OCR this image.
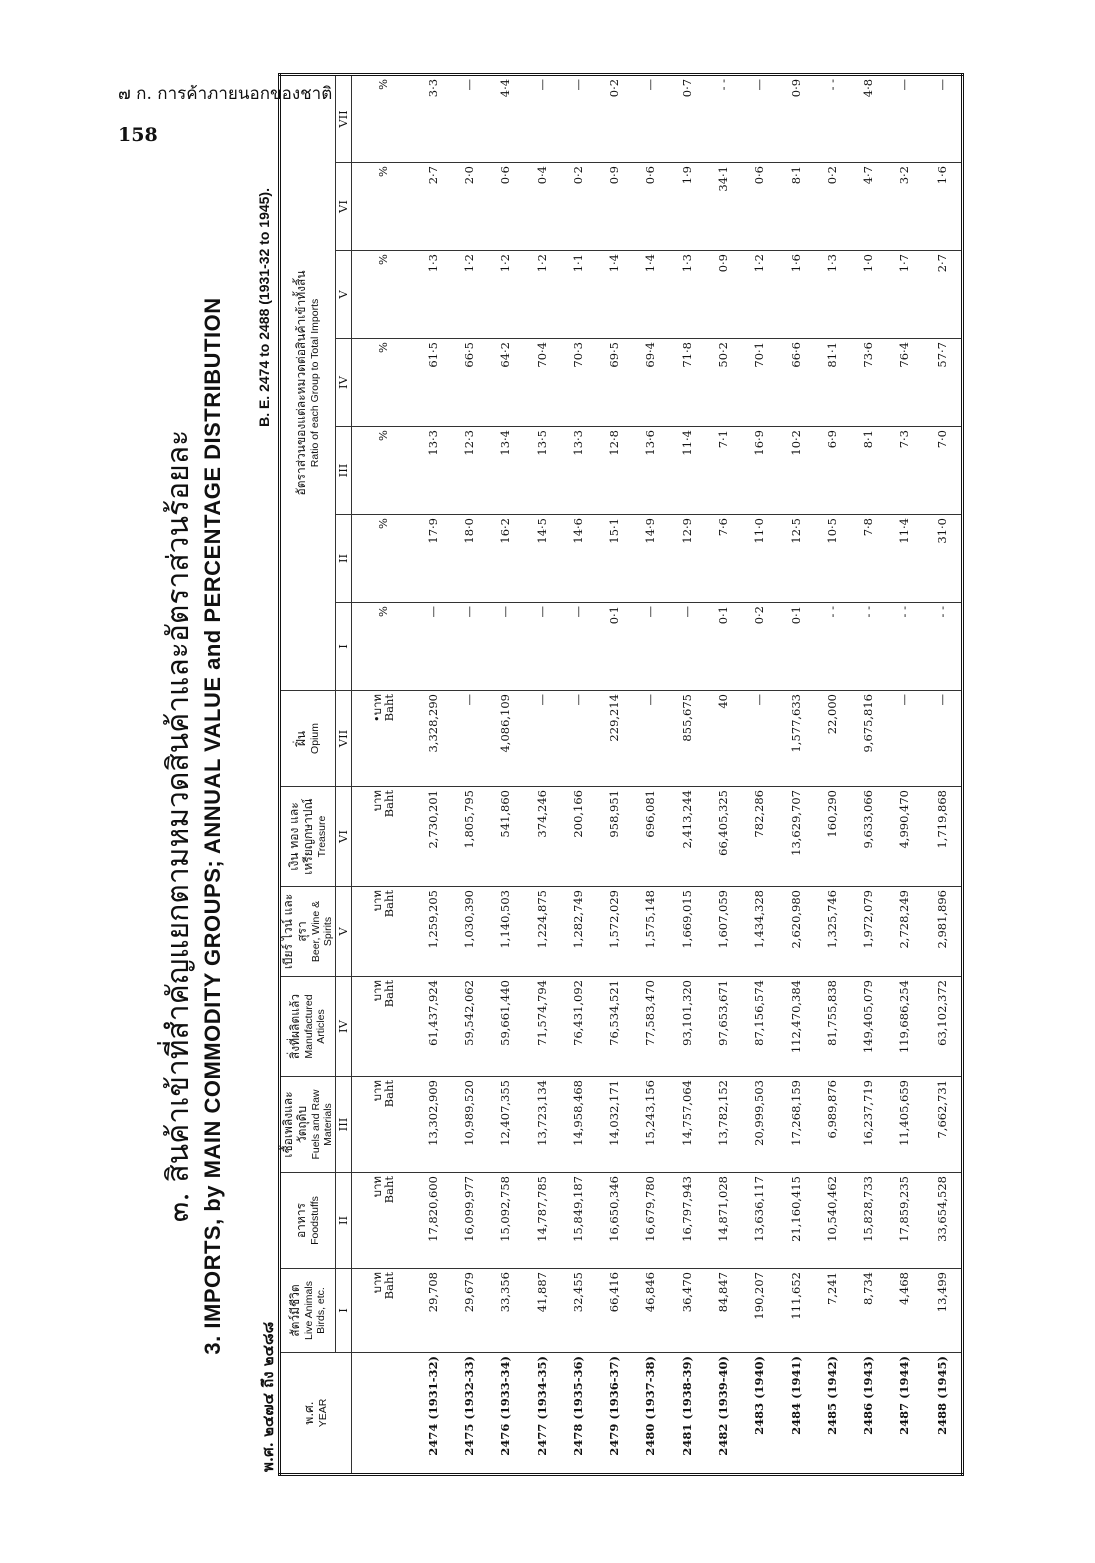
๗ ก. การค้าภายนอกของชาติ
158
๓. สินค้าเข้าที่สำคัญแยกตามหมวดสินค้าและอัตราส่วนร้อยละ 3. IMPORTS, by MAIN COMMODITY GROUPS; ANNUAL VALUE and PERCENTAGE DISTRIBUTION
พ.ศ. ๒๔๗๔ ถึง ๒๔๘๘
B. E. 2474 to 2488 (1931-32 to 1945).
พ.ศ. YEAR	สัตว์มีชีวิต Live Animals Birds, etc.	อาหาร Foodstuffs	เชื้อเพลิงและวัตถุดิบ Fuels and Raw Materials	สิ่งที่ผลิตแล้ว Manufactured Articles	เบียร์ ไวน์ และสุรา Beer, Wine & Spirits	เงิน ทอง และเหรียญกษาปณ์ Treasure	ฝิ่น Opium	อัตราส่วนของแต่ละหมวดต่อสินค้าเข้าทั้งสิ้น Ratio of each Group to Total Imports						

	I	II	III	IV	V	VI	VII	I	II	III	IV	V	VI	VII
	บาท
Baht	บาท
Baht	บาท
Baht	บาท
Baht	บาท
Baht	บาท
Baht	•บาท
Baht	%	%	%	%	%	%	%
2474 (1931-32)	29,708	17,820,600	13,302,909	61,437,924	1,259,205	2,730,201	3,328,290	—	17·9	13·3	61·5	1·3	2·7	3·3
2475 (1932-33)	29,679	16,099,977	10,989,520	59,542,062	1,030,390	1,805,795	—	—	18·0	12·3	66·5	1·2	2·0	—
2476 (1933-34)	33,356	15,092,758	12,407,355	59,661,440	1,140,503	541,860	4,086,109	—	16·2	13·4	64·2	1·2	0·6	4·4
2477 (1934-35)	41,887	14,787,785	13,723,134	71,574,794	1,224,875	374,246	—	—	14·5	13·5	70·4	1·2	0·4	—
2478 (1935-36)	32,455	15,849,187	14,958,468	76,431,092	1,282,749	200,166	—	—	14·6	13·3	70·3	1·1	0·2	—
2479 (1936-37)	66,416	16,650,346	14,032,171	76,534,521	1,572,029	958,951	229,214	0·1	15·1	12·8	69·5	1·4	0·9	0·2
2480 (1937-38)	46,846	16,679,780	15,243,156	77,583,470	1,575,148	696,081	—	—	14·9	13·6	69·4	1·4	0·6	—
2481 (1938-39)	36,470	16,797,943	14,757,064	93,101,320	1,669,015	2,413,244	855,675	—	12·9	11·4	71·8	1·3	1·9	0·7
2482 (1939-40)	84,847	14,871,028	13,782,152	97,653,671	1,607,059	66,405,325	40	0·1	7·6	7·1	50·2	0·9	34·1	- -
2483 (1940)	190,207	13,636,117	20,999,503	87,156,574	1,434,328	782,286	—	0·2	11·0	16·9	70·1	1·2	0·6	—
2484 (1941)	111,652	21,160,415	17,268,159	112,470,384	2,620,980	13,629,707	1,577,633	0·1	12·5	10·2	66·6	1·6	8·1	0·9
2485 (1942)	7,241	10,540,462	6,989,876	81,755,838	1,325,746	160,290	22,000	- -	10·5	6·9	81·1	1·3	0·2	- -
2486 (1943)	8,734	15,828,733	16,237,719	149,405,079	1,972,079	9,633,066	9,675,816	- -	7·8	8·1	73·6	1·0	4·7	4·8
2487 (1944)	4,468	17,859,235	11,405,659	119,686,254	2,728,249	4,990,470	—	- -	11·4	7·3	76·4	1·7	3·2	—
2488 (1945)	13,499	33,654,528	7,662,731	63,102,372	2,981,896	1,719,868	—	- -	31·0	7·0	57·7	2·7	1·6	—
